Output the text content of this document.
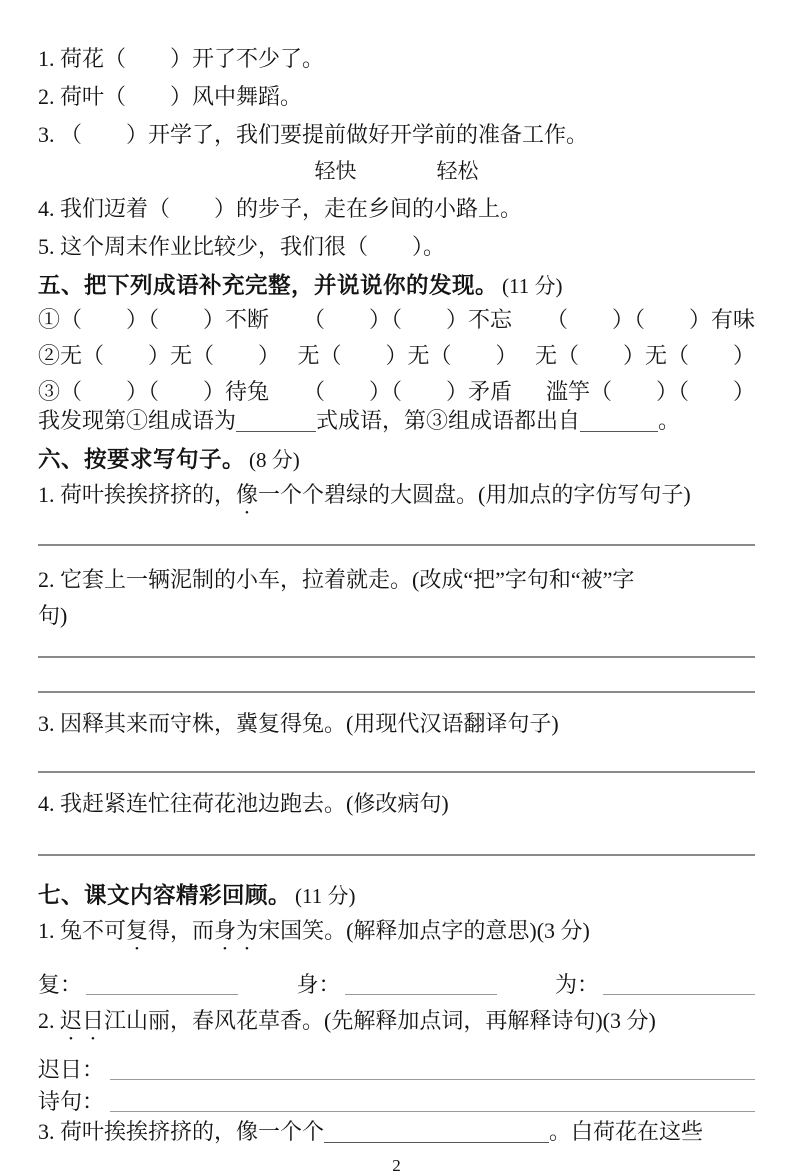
1. 荷花（　　）开了不少了。
2. 荷叶（　　）风中舞蹈。
3. （　　）开学了，我们要提前做好开学前的准备工作。
轻快	轻松
4. 我们迈着（　　）的步子，走在乡间的小路上。
5. 这个周末作业比较少，我们很（　　）。
五、把下列成语补充完整，并说说你的发现。 (11 分)
①（　　）（　　）不断 （　　）（　　）不忘 （　　）（　　）有味
②无（　　）无（　　） 无（　　）无（　　） 无（　　）无（　　）
③（　　）（　　）待兔 （　　）（　　）矛盾 滥竽（　　）（　　）
我发现第①组成语为	式成语，第③组成语都出自	。
六、按要求写句子。 (8 分)
1. 荷叶挨挨挤挤的，像一个个碧绿的大圆盘。(用加点的字仿写句子)
2. 它套上一辆泥制的小车，拉着就走。(改成“把”字句和“被”字
句)
3. 因释其来而守株，冀复得兔。(用现代汉语翻译句子)
4. 我赶紧连忙往荷花池边跑去。(修改病句)
七、课文内容精彩回顾。 (11 分)
1. 兔不可复得，而身为宋国笑。(解释加点字的意思)(3 分)
复：	身：	为：
2. 迟日江山丽，春风花草香。(先解释加点词，再解释诗句)(3 分)
迟日：
诗句：
3. 荷叶挨挨挤挤的，像一个个	。白荷花在这些
2
